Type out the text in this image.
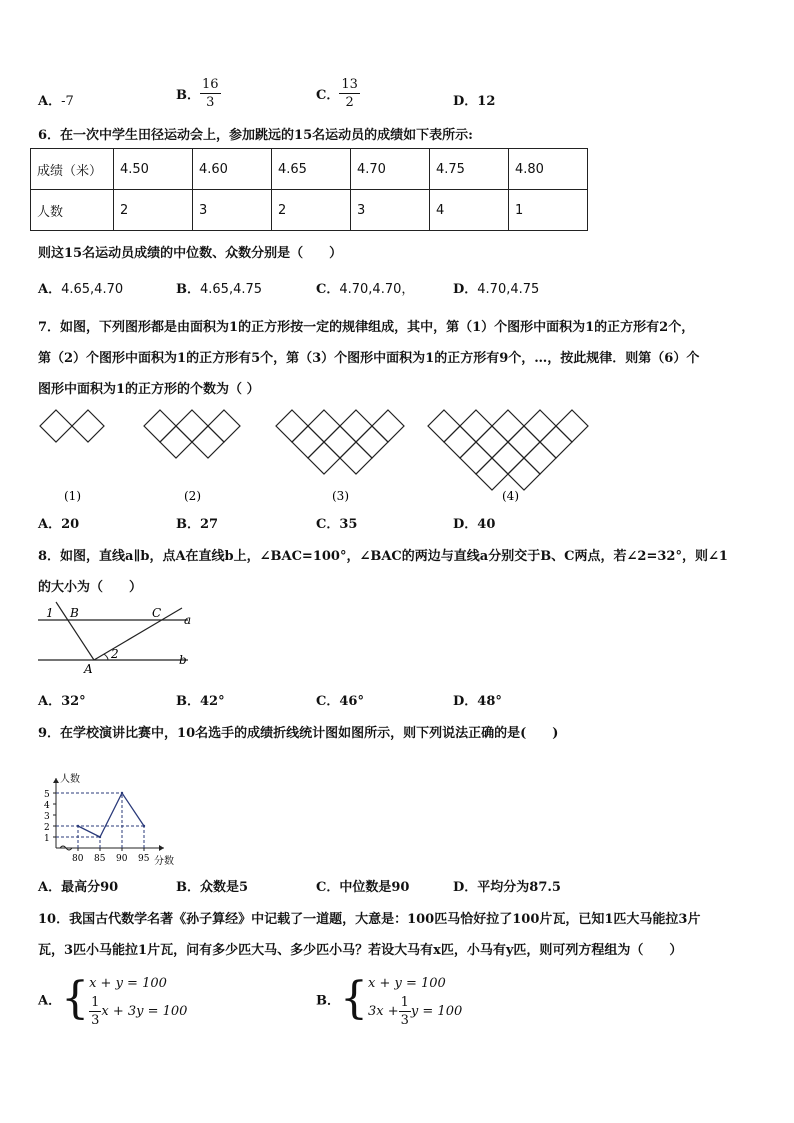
A．-7	B． $\frac{16}{3}$	C． $\frac{13}{2}$	D．12
6．在一次中学生田径运动会上，参加跳远的15名运动员的成绩如下表所示:
成绩（米）	4.50	4.60	4.65	4.70	4.75	4.80
人数	2	3	2	3	4	1
则这15名运动员成绩的中位数、众数分别是（　　）
A．4.65,4.70	B．4.65,4.75	C．4.70,4.70，	D．4.70,4.75
7．如图，下列图形都是由面积为1的正方形按一定的规律组成，其中，第（1）个图形中面积为1的正方形有2个，
第（2）个图形中面积为1的正方形有5个，第（3）个图形中面积为1的正方形有9个，…，按此规律．则第（6）个
图形中面积为1的正方形的个数为（ ）
(1)	(2)	(3)	(4)
A．20	B．27	C．35	D．40
8．如图，直线a∥b，点A在直线b上，∠BAC=100°，∠BAC的两边与直线a分别交于B、C两点，若∠2=32°，则∠1
的大小为（　　）
1 B	C a
A
2	b
A．32°	B．42°	C．46°	D．48°
9．在学校演讲比赛中，10名选手的成绩折线统计图如图所示，则下列说法正确的是(　　)
1
2
3
4
5
80 85 90 95
人数
分数
A．最高分90	B．众数是5	C．中位数是90	D．平均分为87.5
10．我国古代数学名著《孙子算经》中记载了一道题，大意是：100匹马恰好拉了100片瓦，已知1匹大马能拉3片
瓦，3匹小马能拉1片瓦，问有多少匹大马、多少匹小马？若设大马有x匹，小马有y匹，则可列方程组为（　　）
A．{ x + y = 100
$\frac{1}{3}$ x + 3y = 100
B．{ x + y = 100
$3x + \frac{1}{3}$ y = 100
